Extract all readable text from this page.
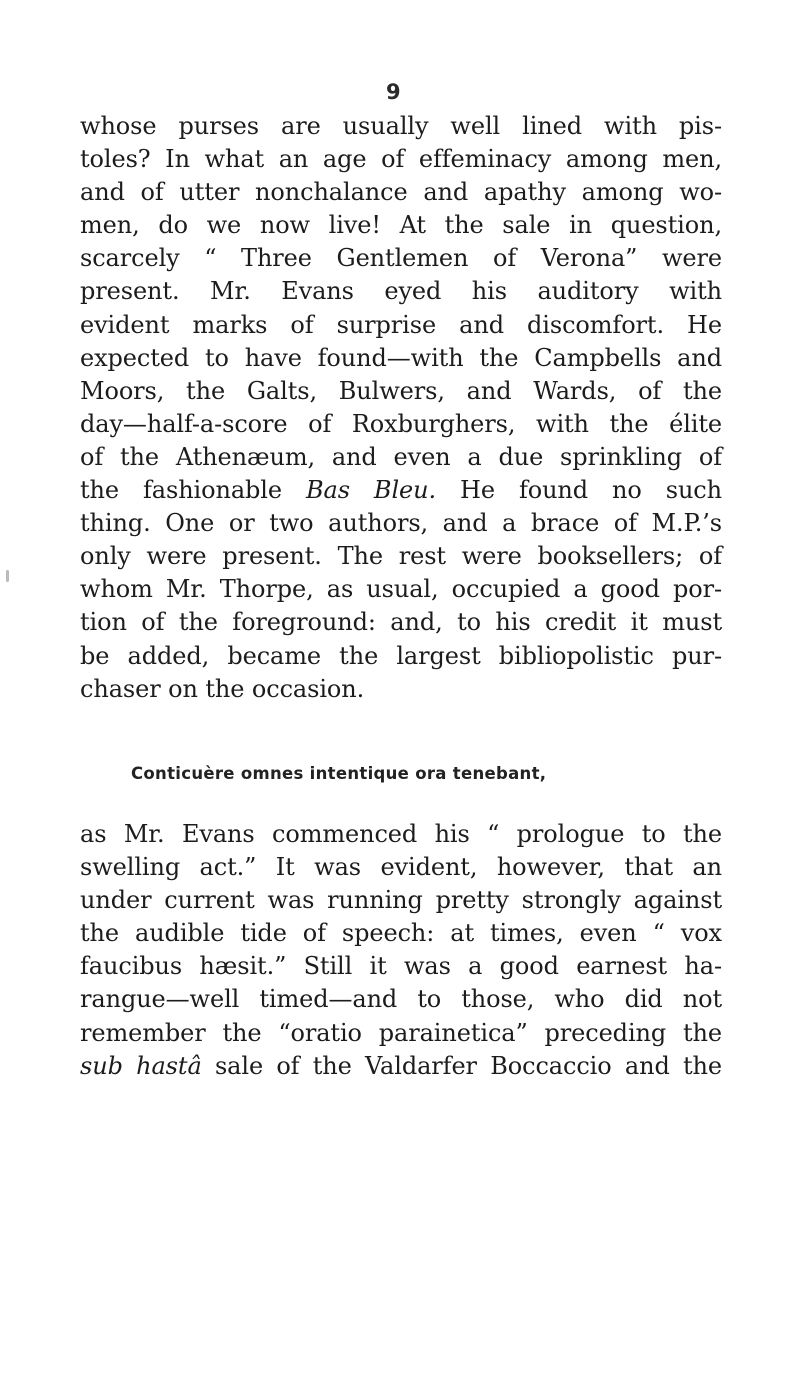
9
whose purses are usually well lined with pis-
toles? In what an age of effeminacy among men,
and of utter nonchalance and apathy among wo-
men, do we now live! At the sale in question,
scarcely “ Three Gentlemen of Verona” were
present. Mr. Evans eyed his auditory with
evident marks of surprise and discomfort. He
expected to have found—with the Campbells and
Moors, the Galts, Bulwers, and Wards, of the
day—half-a-score of Roxburghers, with the élite
of the Athenæum, and even a due sprinkling of
the fashionable Bas Bleu. He found no such
thing. One or two authors, and a brace of M.P.’s
only were present. The rest were booksellers; of
whom Mr. Thorpe, as usual, occupied a good por-
tion of the foreground: and, to his credit it must
be added, became the largest bibliopolistic pur-
chaser on the occasion.
Conticuère omnes intentique ora tenebant,
as Mr. Evans commenced his “ prologue to the
swelling act.” It was evident, however, that an
under current was running pretty strongly against
the audible tide of speech: at times, even “ vox
faucibus hæsit.” Still it was a good earnest ha-
rangue—well timed—and to those, who did not
remember the “oratio parainetica” preceding the
sub hastâ sale of the Valdarfer Boccaccio and the
